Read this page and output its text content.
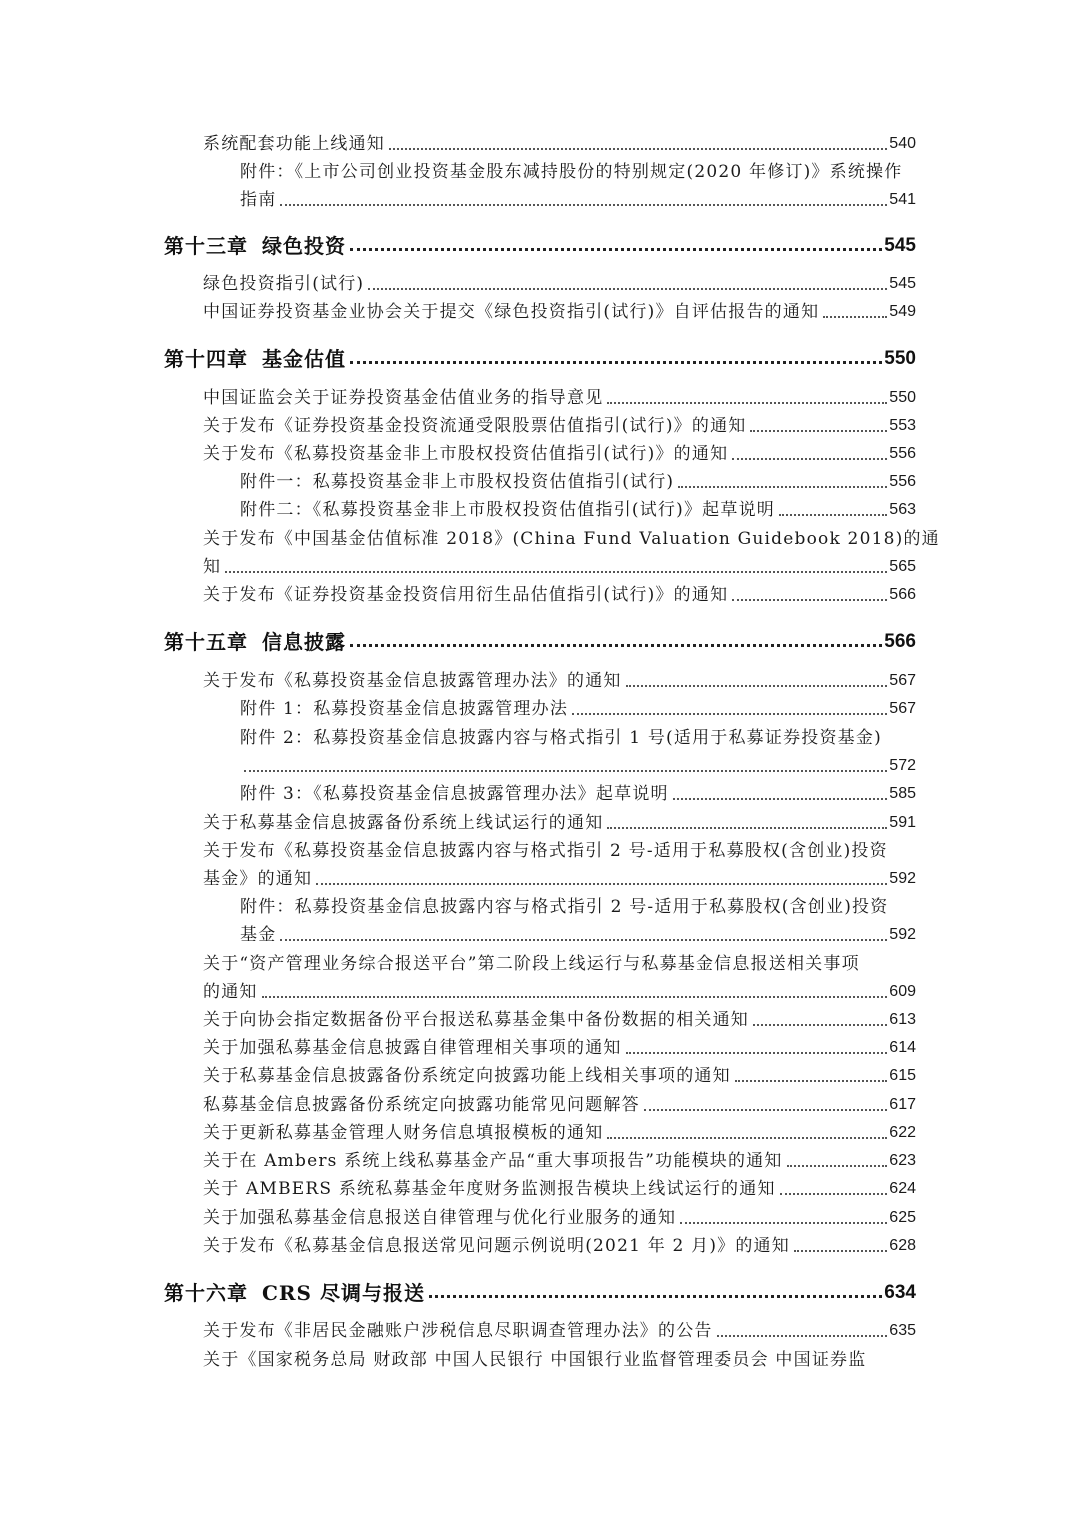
系统配套功能上线通知	540
附件：《上市公司创业投资基金股东减持股份的特别规定(2020 年修订)》系统操作
指南	541
第十三章 绿色投资	545
绿色投资指引(试行)	545
中国证券投资基金业协会关于提交《绿色投资指引(试行)》自评估报告的通知	549
第十四章 基金估值	550
中国证监会关于证券投资基金估值业务的指导意见	550
关于发布《证券投资基金投资流通受限股票估值指引(试行)》的通知	553
关于发布《私募投资基金非上市股权投资估值指引(试行)》的通知	556
附件一：私募投资基金非上市股权投资估值指引(试行)	556
附件二：《私募投资基金非上市股权投资估值指引(试行)》起草说明	563
关于发布《中国基金估值标准 2018》(China Fund Valuation Guidebook 2018)的通
知	565
关于发布《证券投资基金投资信用衍生品估值指引(试行)》的通知	566
第十五章 信息披露	566
关于发布《私募投资基金信息披露管理办法》的通知	567
附件 1：私募投资基金信息披露管理办法	567
附件 2：私募投资基金信息披露内容与格式指引 1 号(适用于私募证券投资基金)
572
附件 3：《私募投资基金信息披露管理办法》起草说明	585
关于私募基金信息披露备份系统上线试运行的通知	591
关于发布《私募投资基金信息披露内容与格式指引 2 号-适用于私募股权(含创业)投资
基金》的通知	592
附件：私募投资基金信息披露内容与格式指引 2 号-适用于私募股权(含创业)投资
基金	592
关于“资产管理业务综合报送平台”第二阶段上线运行与私募基金信息报送相关事项
的通知	609
关于向协会指定数据备份平台报送私募基金集中备份数据的相关通知	613
关于加强私募基金信息披露自律管理相关事项的通知	614
关于私募基金信息披露备份系统定向披露功能上线相关事项的通知	615
私募基金信息披露备份系统定向披露功能常见问题解答	617
关于更新私募基金管理人财务信息填报模板的通知	622
关于在 Ambers 系统上线私募基金产品“重大事项报告”功能模块的通知	623
关于 AMBERS 系统私募基金年度财务监测报告模块上线试运行的通知	624
关于加强私募基金信息报送自律管理与优化行业服务的通知	625
关于发布《私募基金信息报送常见问题示例说明(2021 年 2 月)》的通知	628
第十六章 CRS 尽调与报送	634
关于发布《非居民金融账户涉税信息尽职调查管理办法》的公告	635
关于《国家税务总局 财政部 中国人民银行 中国银行业监督管理委员会 中国证券监
